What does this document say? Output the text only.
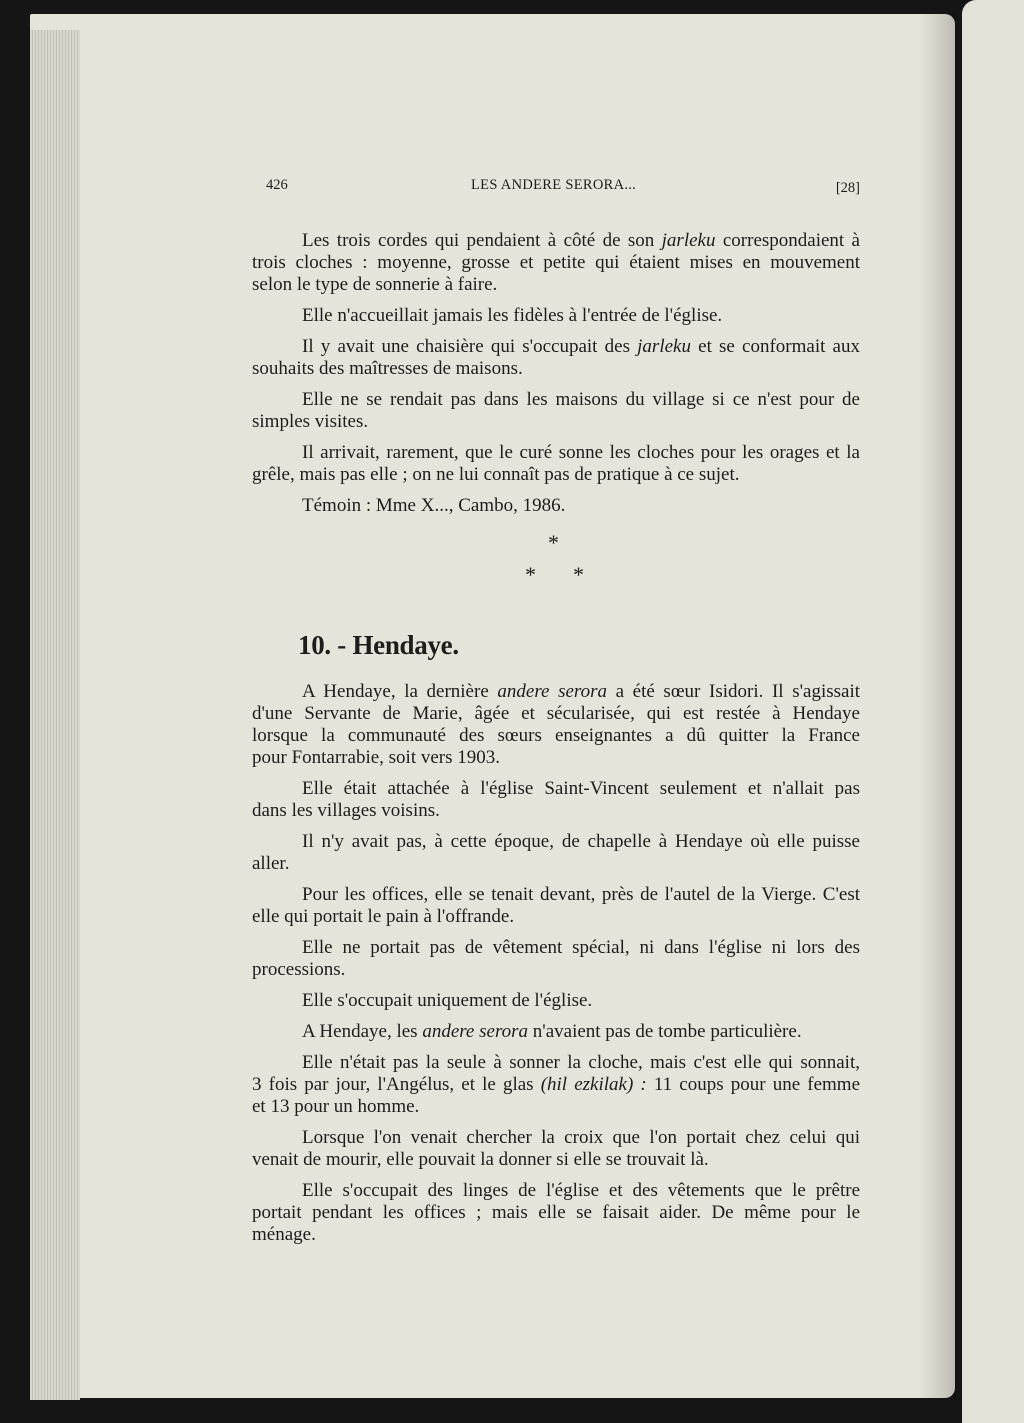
426	LES ANDERE SERORA...	[28]
Les trois cordes qui pendaient à côté de son jarleku correspondaient à
trois cloches : moyenne, grosse et petite qui étaient mises en mouvement
selon le type de sonnerie à faire.
Elle n'accueillait jamais les fidèles à l'entrée de l'église.
Il y avait une chaisière qui s'occupait des jarleku et se conformait aux
souhaits des maîtresses de maisons.
Elle ne se rendait pas dans les maisons du village si ce n'est pour de
simples visites.
Il arrivait, rarement, que le curé sonne les cloches pour les orages et la
grêle, mais pas elle ; on ne lui connaît pas de pratique à ce sujet.
Témoin : Mme X..., Cambo, 1986.
*
* *
10. - Hendaye.
A Hendaye, la dernière andere serora a été sœur Isidori. Il s'agissait
d'une Servante de Marie, âgée et sécularisée, qui est restée à Hendaye
lorsque la communauté des sœurs enseignantes a dû quitter la France
pour Fontarrabie, soit vers 1903.
Elle était attachée à l'église Saint-Vincent seulement et n'allait pas
dans les villages voisins.
Il n'y avait pas, à cette époque, de chapelle à Hendaye où elle puisse
aller.
Pour les offices, elle se tenait devant, près de l'autel de la Vierge. C'est
elle qui portait le pain à l'offrande.
Elle ne portait pas de vêtement spécial, ni dans l'église ni lors des
processions.
Elle s'occupait uniquement de l'église.
A Hendaye, les andere serora n'avaient pas de tombe particulière.
Elle n'était pas la seule à sonner la cloche, mais c'est elle qui sonnait,
3 fois par jour, l'Angélus, et le glas (hil ezkilak) : 11 coups pour une femme
et 13 pour un homme.
Lorsque l'on venait chercher la croix que l'on portait chez celui qui
venait de mourir, elle pouvait la donner si elle se trouvait là.
Elle s'occupait des linges de l'église et des vêtements que le prêtre
portait pendant les offices ; mais elle se faisait aider. De même pour le
ménage.
